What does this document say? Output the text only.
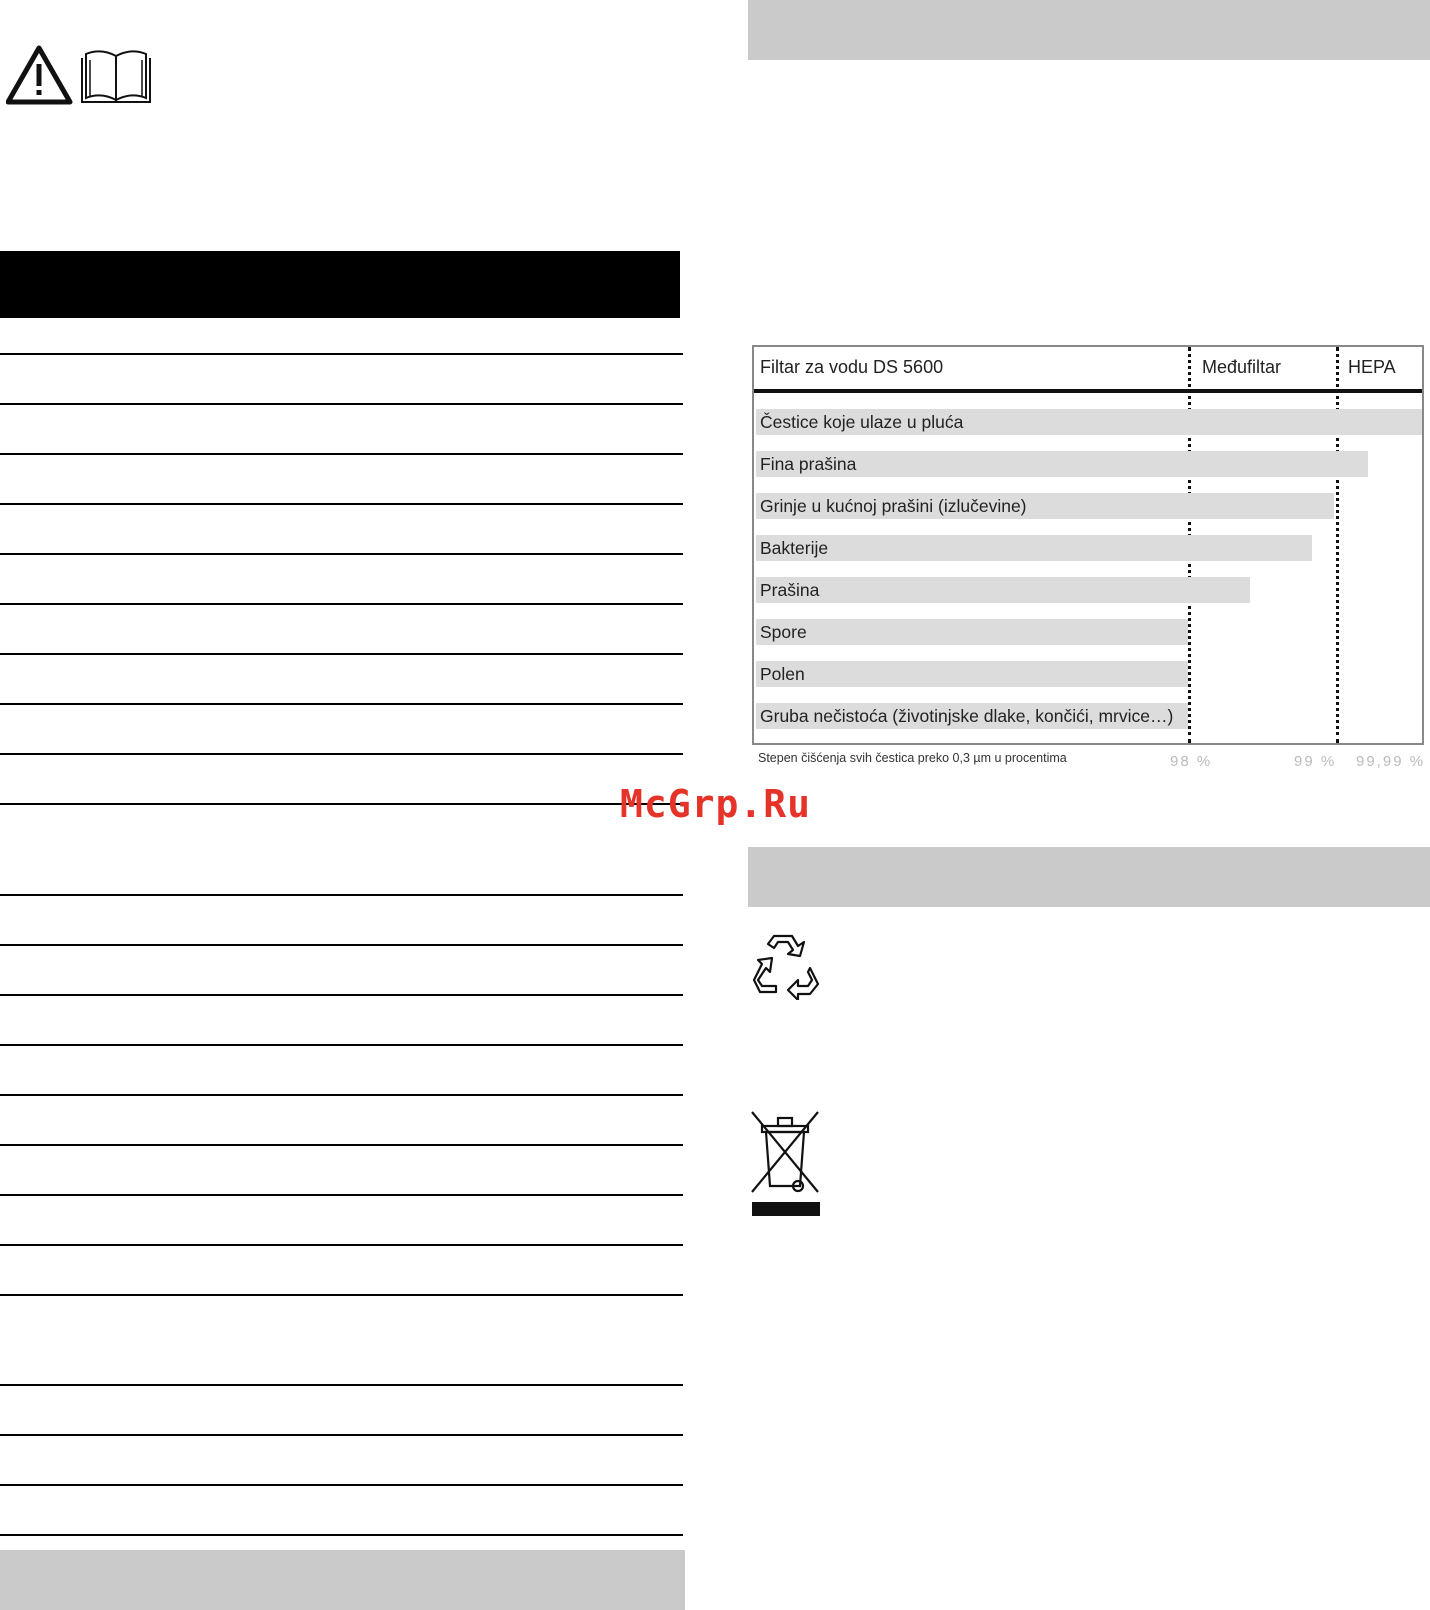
Filtar za vodu DS 5600	Međufiltar	HEPA
Čestice koje ulaze u pluća
Fina prašina
Grinje u kućnoj prašini (izlučevine)
Bakterije
Prašina
Spore
Polen
Gruba nečistoća (životinjske dlake, končići, mrvice…)
Stepen čišćenja svih čestica preko 0,3 µm u procentima	98 %	99 % 99,99 %
McGrp.Ru
